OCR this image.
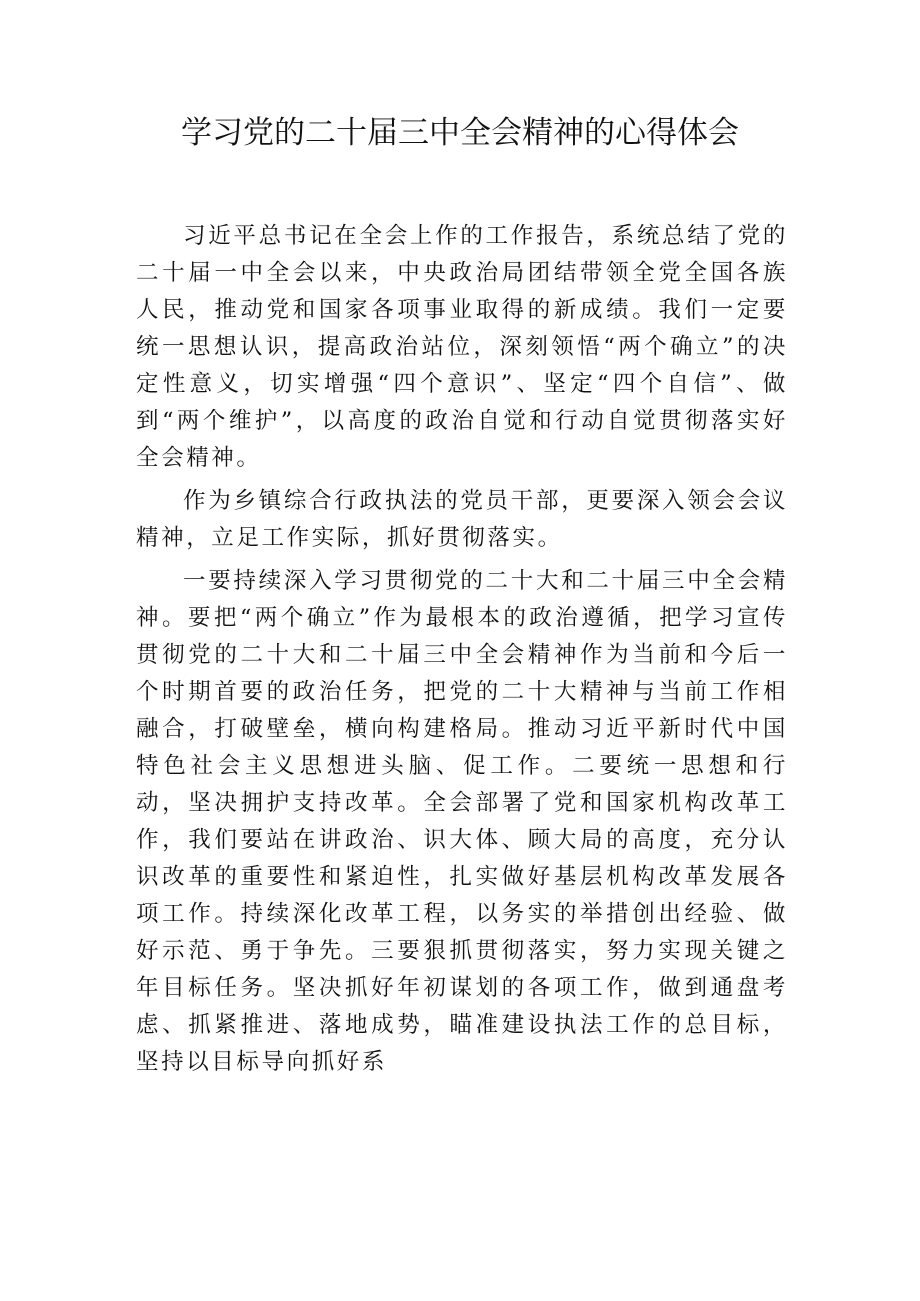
学习党的二十届三中全会精神的心得体会

习近平总书记在全会上作的工作报告，系统总结了党的二十届一中全会以来，中央政治局团结带领全党全国各族人民，推动党和国家各项事业取得的新成绩。我们一定要统一思想认识，提高政治站位，深刻领悟“两个确立”的决定性意义，切实增强“四个意识”、坚定“四个自信”、做到“两个维护”，以高度的政治自觉和行动自觉贯彻落实好全会精神。

作为乡镇综合行政执法的党员干部，更要深入领会会议精神，立足工作实际，抓好贯彻落实。

一要持续深入学习贯彻党的二十大和二十届三中全会精神。要把“两个确立”作为最根本的政治遵循，把学习宣传贯彻党的二十大和二十届三中全会精神作为当前和今后一个时期首要的政治任务，把党的二十大精神与当前工作相融合，打破壁垒，横向构建格局。推动习近平新时代中国特色社会主义思想进头脑、促工作。二要统一思想和行动，坚决拥护支持改革。全会部署了党和国家机构改革工作，我们要站在讲政治、识大体、顾大局的高度，充分认识改革的重要性和紧迫性，扎实做好基层机构改革发展各项工作。持续深化改革工程，以务实的举措创出经验、做好示范、勇于争先。三要狠抓贯彻落实，努力实现关键之年目标任务。坚决抓好年初谋划的各项工作，做到通盘考虑、抓紧推进、落地成势，瞄准建设执法工作的总目标，坚持以目标导向抓好系
